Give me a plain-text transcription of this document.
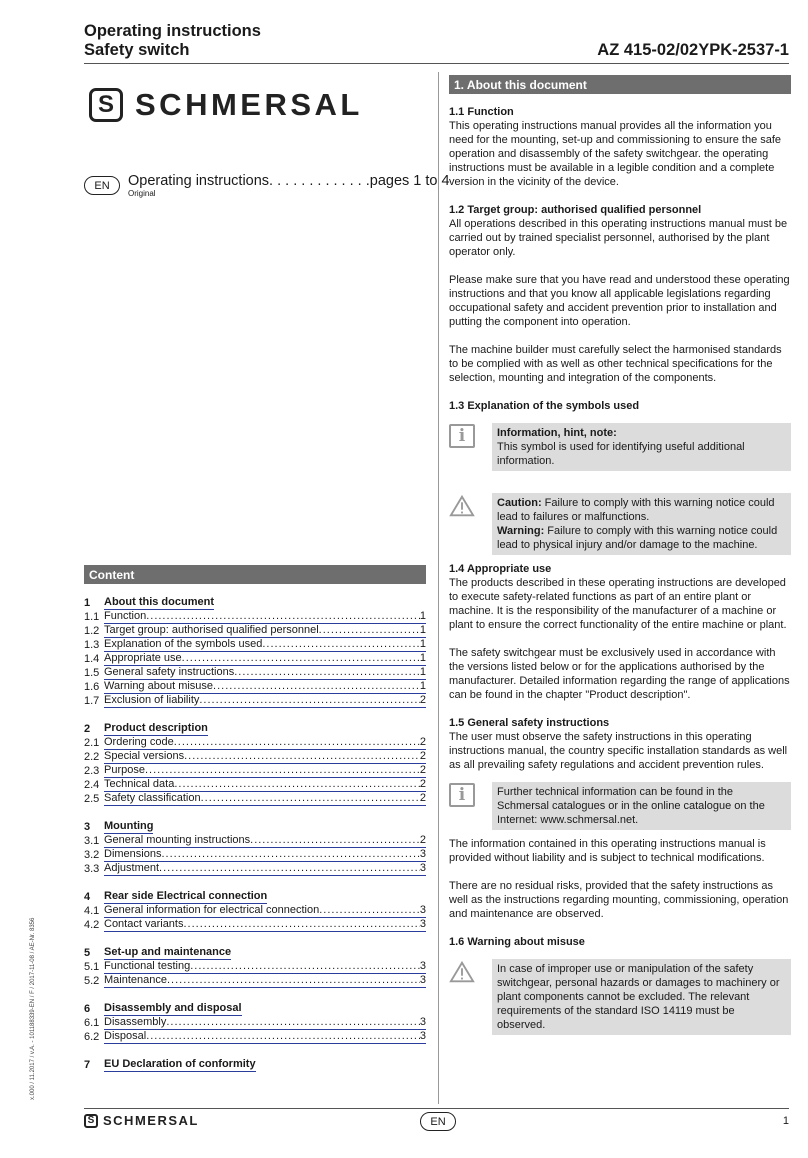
Operating instructions
Safety switch	AZ 415-02/02YPK-2537-1
S SCHMERSAL
EN	Operating instructions. . . . . . . . . . . . .pages 1 to 4
Original
x.000 / 11.2017 / v.A. - 101188339-EN / F / 2017-11-08 / AE-Nr. 8356
Content
1	About this document
1.1 Function .....	1
1.2 Target group: authorised qualified personnel .....	1
1.3 Explanation of the symbols used .....	1
1.4 Appropriate use .....	1
1.5 General safety instructions .....	1
1.6 Warning about misuse .....	1
1.7 Exclusion of liability .....	2
2	Product description
2.1 Ordering code .....	2
2.2 Special versions .....	2
2.3 Purpose .....	2
2.4 Technical data .....	2
2.5 Safety classification .....	2
3	Mounting
3.1 General mounting instructions .....	2
3.2 Dimensions .....	3
3.3 Adjustment .....	3
4	Rear side Electrical connection
4.1 General information for electrical connection .....	3
4.2 Contact variants .....	3
5	Set-up and maintenance
5.1 Functional testing .....	3
5.2 Maintenance .....	3
6	Disassembly and disposal
6.1 Disassembly .....	3
6.2 Disposal .....	3
7	EU Declaration of conformity
1. About this document
1.1 Function
This operating instructions manual provides all the information you need for the mounting, set-up and commissioning to ensure the safe operation and disassembly of the safety switchgear. the operating instructions must be available in a legible condition and a complete version in the vicinity of the device.
1.2 Target group: authorised qualified personnel
All operations described in this operating instructions manual must be carried out by trained specialist personnel, authorised by the plant operator only.
Please make sure that you have read and understood these operating instructions and that you know all applicable legislations regarding occupational safety and accident prevention prior to installation and putting the component into operation.
The machine builder must carefully select the harmonised standards to be complied with as well as other technical specifications for the selection, mounting and integration of the components.
1.3 Explanation of the symbols used
i	Information, hint, note:
This symbol is used for identifying useful additional information.
Caution: Failure to comply with this warning notice could lead to failures or malfunctions.
Warning: Failure to comply with this warning notice could lead to physical injury and/or damage to the machine.
1.4 Appropriate use
The products described in these operating instructions are developed to execute safety-related functions as part of an entire plant or machine. It is the responsibility of the manufacturer of a machine or plant to ensure the correct functionality of the entire machine or plant.
The safety switchgear must be exclusively used in accordance with the versions listed below or for the applications authorised by the manufacturer. Detailed information regarding the range of applications can be found in the chapter "Product description".
1.5 General safety instructions
The user must observe the safety instructions in this operating instructions manual, the country specific installation standards as well as all prevailing safety regulations and accident prevention rules.
i	Further technical information can be found in the Schmersal catalogues or in the online catalogue on the Internet: www.schmersal.net.
The information contained in this operating instructions manual is provided without liability and is subject to technical modifications.
There are no residual risks, provided that the safety instructions as well as the instructions regarding mounting, commissioning, operation and maintenance are observed.
1.6 Warning about misuse
In case of improper use or manipulation of the safety switchgear, personal hazards or damages to machinery or plant components cannot be excluded. The relevant requirements of the standard ISO 14119 must be observed.
S SCHMERSAL	EN	1
